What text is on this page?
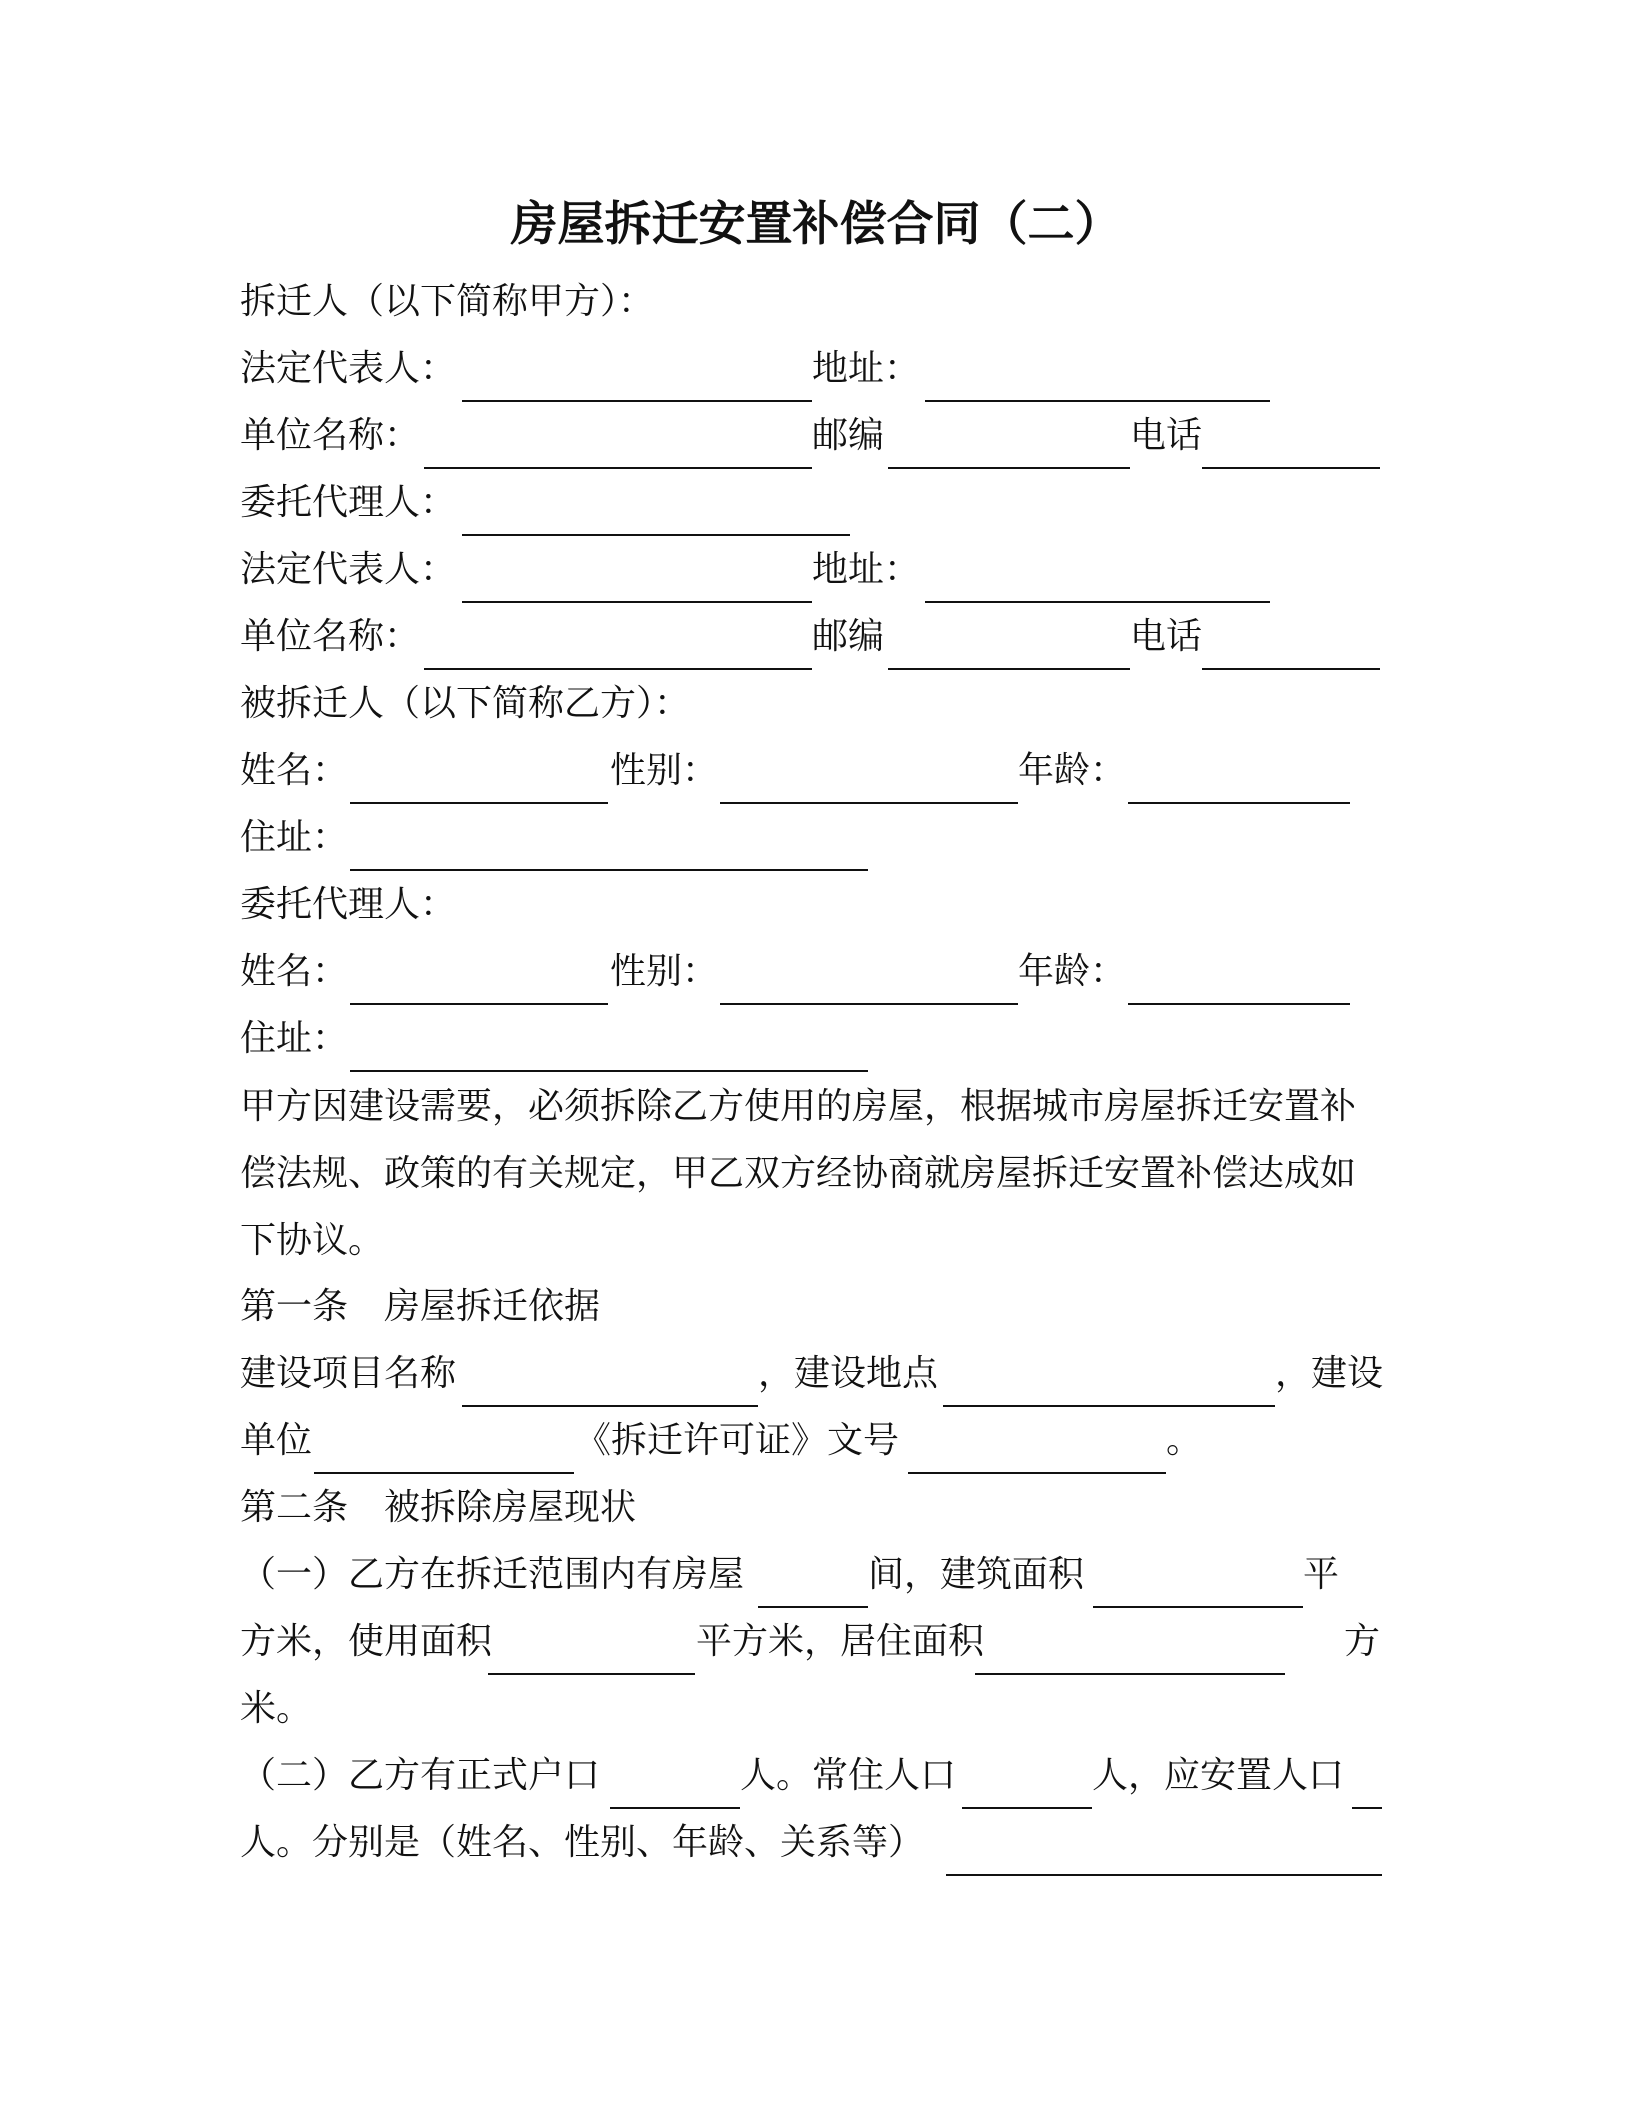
房屋拆迁安置补偿合同（二）
拆迁人（以下简称甲方）：
法定代表人：	地址：
单位名称：	邮编	电话
委托代理人：
法定代表人：	地址：
单位名称：	邮编	电话
被拆迁人（以下简称乙方）：
姓名：	性别：	年龄：
住址：
委托代理人：
姓名：	性别：	年龄：
住址：
甲方因建设需要，必须拆除乙方使用的房屋，根据城市房屋拆迁安置补偿法规、政策的有关规定，甲乙双方经协商就房屋拆迁安置补偿达成如下协议。
第一条　房屋拆迁依据
建设项目名称	，建设地点	，建设
单位	《拆迁许可证》文号	。
第二条　被拆除房屋现状
（一）乙方在拆迁范围内有房屋	间，建筑面积	平
方米，使用面积	平方米，居住面积	方
米。
（二）乙方有正式户口	人。常住人口	人，应安置人口
人。分别是（姓名、性别、年龄、关系等）
